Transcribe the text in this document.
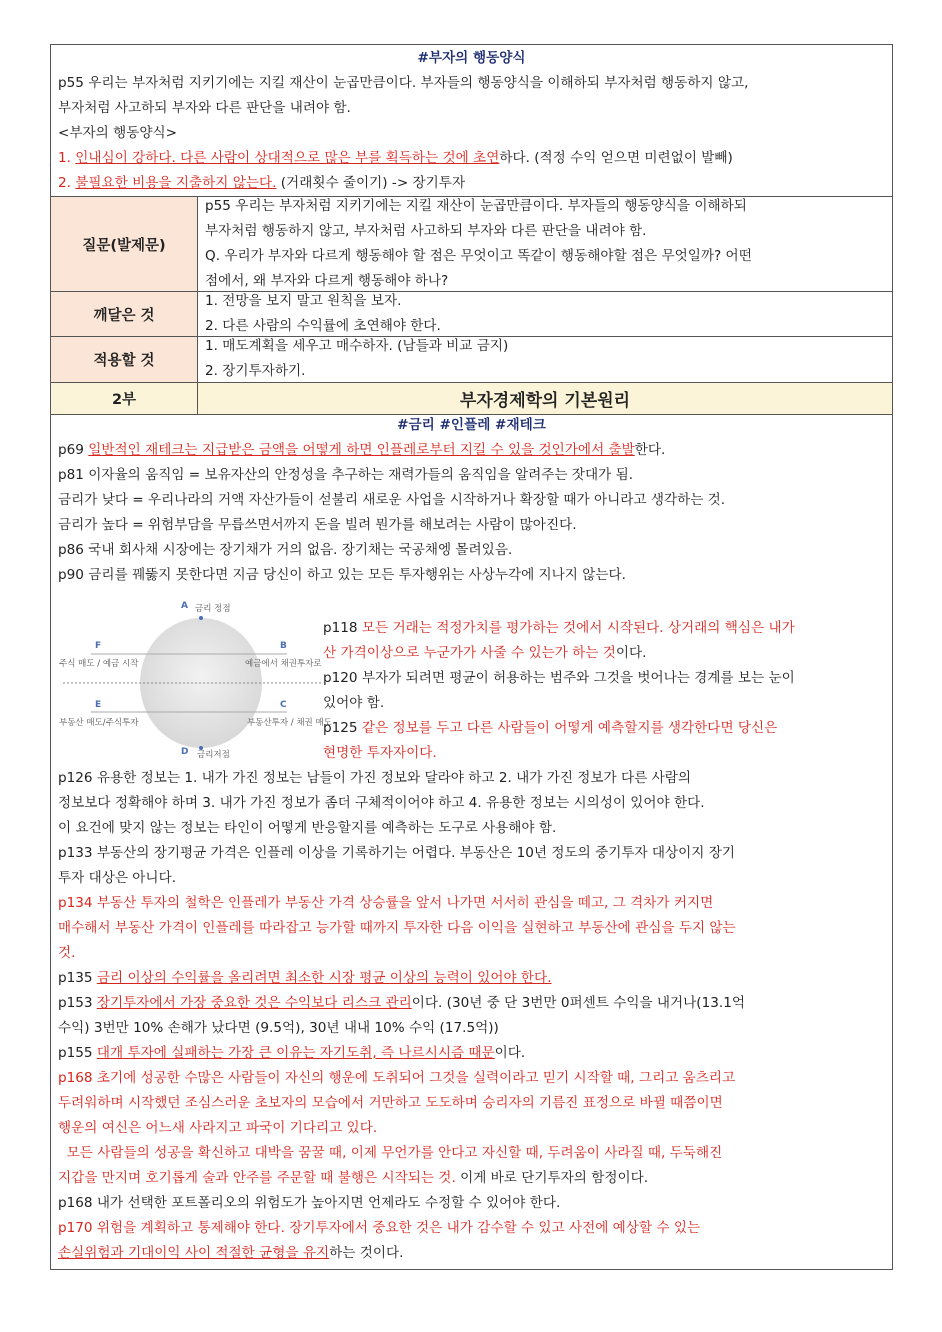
#부자의 행동양식
p55 우리는 부자처럼 지키기에는 지킬 재산이 눈곱만큼이다. 부자들의 행동양식을 이해하되 부자처럼 행동하지 않고,
부자처럼 사고하되 부자와 다른 판단을 내려야 함.
<부자의 행동양식>
1. 인내심이 강하다. 다른 사람이 상대적으로 많은 부를 획득하는 것에 초연하다. (적정 수익 얻으면 미련없이 발빼)
2. 불필요한 비용을 지출하지 않는다. (거래횟수 줄이기) -> 장기투자
질문(발제문)
p55 우리는 부자처럼 지키기에는 지킬 재산이 눈곱만큼이다. 부자들의 행동양식을 이해하되
부자처럼 행동하지 않고, 부자처럼 사고하되 부자와 다른 판단을 내려야 함.
Q. 우리가 부자와 다르게 행동해야 할 점은 무엇이고 똑같이 행동해야할 점은 무엇일까? 어떤
점에서, 왜 부자와 다르게 행동해야 하나?
깨달은 것
1. 전망을 보지 말고 원칙을 보자.
2. 다른 사람의 수익률에 초연해야 한다.
적용할 것
1. 매도계획을 세우고 매수하자. (남들과 비교 금지)
2. 장기투자하기.
2부	부자경제학의 기본원리
#금리 #인플레 #재테크
p69 일반적인 재테크는 지급받은 금액을 어떻게 하면 인플레로부터 지킬 수 있을 것인가에서 출발한다.
p81 이자율의 움직임 = 보유자산의 안정성을 추구하는 재력가들의 움직임을 알려주는 잣대가 됨.
금리가 낮다 = 우리나라의 거액 자산가들이 섣불리 새로운 사업을 시작하거나 확장할 때가 아니라고 생각하는 것.
금리가 높다 = 위험부담을 무릅쓰면서까지 돈을 빌려 뭔가를 해보려는 사람이 많아진다.
p86 국내 회사채 시장에는 장기채가 거의 없음. 장기채는 국공채엥 몰려있음.
p90 금리를 꿰뚫지 못한다면 지금 당신이 하고 있는 모든 투자행위는 사상누각에 지나지 않는다.
A 금리 정점
F
주식 매도 / 예금 시작
B
예금에서 채권투자로
E
부동산 매도/주식투자
C
부동산투자 / 채권 매도
D 금리저점
p118 모든 거래는 적정가치를 평가하는 것에서 시작된다. 상거래의 핵심은 내가
산 가격이상으로 누군가가 사줄 수 있는가 하는 것이다.
p120 부자가 되려면 평균이 허용하는 범주와 그것을 벗어나는 경계를 보는 눈이
있어야 함.
p125 같은 정보를 두고 다른 사람들이 어떻게 예측할지를 생각한다면 당신은
현명한 투자자이다.
p126 유용한 정보는 1. 내가 가진 정보는 남들이 가진 정보와 달라야 하고 2. 내가 가진 정보가 다른 사람의
정보보다 정확해야 하며 3. 내가 가진 정보가 좀더 구체적이어야 하고 4. 유용한 정보는 시의성이 있어야 한다.
이 요건에 맞지 않는 정보는 타인이 어떻게 반응할지를 예측하는 도구로 사용해야 함.
p133 부동산의 장기평균 가격은 인플레 이상을 기록하기는 어렵다. 부동산은 10년 정도의 중기투자 대상이지 장기
투자 대상은 아니다.
p134 부동산 투자의 철학은 인플레가 부동산 가격 상승률을 앞서 나가면 서서히 관심을 떼고, 그 격차가 커지면
매수해서 부동산 가격이 인플레를 따라잡고 능가할 때까지 투자한 다음 이익을 실현하고 부동산에 관심을 두지 않는
것.
p135 금리 이상의 수익률을 올리려면 최소한 시장 평균 이상의 능력이 있어야 한다.
p153 장기투자에서 가장 중요한 것은 수익보다 리스크 관리이다. (30년 중 단 3번만 0퍼센트 수익을 내거나(13.1억
수익) 3번만 10% 손해가 났다면 (9.5억), 30년 내내 10% 수익 (17.5억))
p155 대개 투자에 실패하는 가장 큰 이유는 자기도취, 즉 나르시시즘 때문이다.
p168 초기에 성공한 수많은 사람들이 자신의 행운에 도취되어 그것을 실력이라고 믿기 시작할 때, 그리고 움츠리고
두려워하며 시작했던 조심스러운 초보자의 모습에서 거만하고 도도하며 승리자의 기름진 표정으로 바뀔 때쯤이면
행운의 여신은 어느새 사라지고 파국이 기다리고 있다.
모든 사람들의 성공을 확신하고 대박을 꿈꿀 때, 이제 무언가를 안다고 자신할 때, 두려움이 사라질 때, 두둑해진
지갑을 만지며 호기롭게 술과 안주를 주문할 때 불행은 시작되는 것. 이게 바로 단기투자의 함정이다.
p168 내가 선택한 포트폴리오의 위험도가 높아지면 언제라도 수정할 수 있어야 한다.
p170 위험을 계획하고 통제해야 한다. 장기투자에서 중요한 것은 내가 감수할 수 있고 사전에 예상할 수 있는
손실위험과 기대이익 사이 적절한 균형을 유지하는 것이다.
